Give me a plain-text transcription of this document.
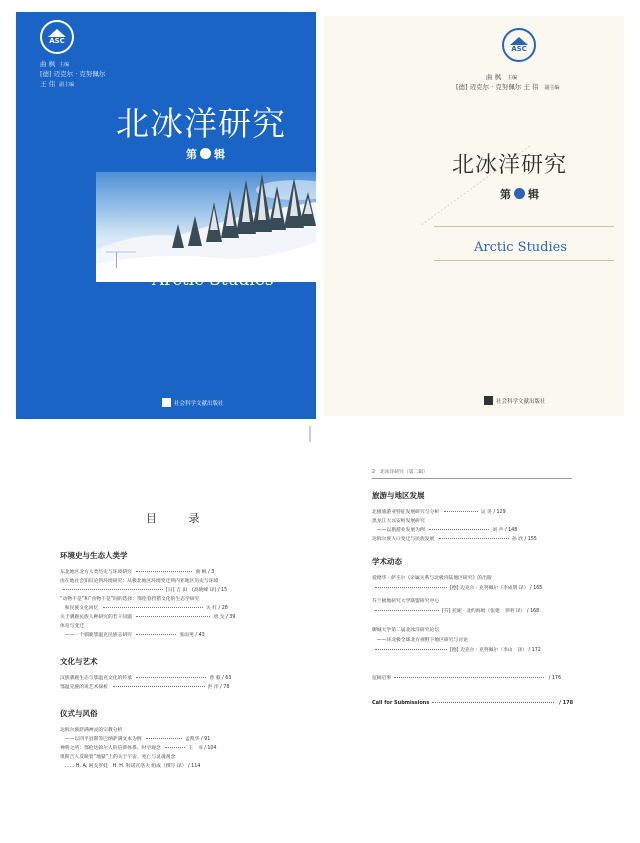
ASC
曲 枫 主编
[德] 迈克尔 · 克努佩尔
王 伟 副主编
北冰洋研究
第 辑
Arctic Studies
社会科学文献出版社
ASC
曲 枫 主编
[德] 迈克尔 · 克努佩尔 王 伟 副主编
北冰洋研究
第 辑
Arctic Studies
社会科学文献出版社
目 录
环境史与生态人类学
东北地区北方人类历史与环境研究	曲 枫 / 3
由在地社会知识论到环境研究：从极北地区环境变迁到内亚地区历史与环境
[日] 吉 田　(高晓峰 译) / 15
“动物不是”和“食物不是”间的选择：鄂伦春狩猎文化的生态学研究
　和民族文化回忆	关 红 / 28
关于驯鹿民族人种研究的若干问题	唐 戈 / 39
体育与变迁
　——一个驯鹿鄂温克民族志研究	张雨男 / 43
文化与艺术
汉族驯鹿生态与鄂温克文化的传承	曾 毅 / 63
鄂温克族的说艺术探析	洪 洋 / 78
仪式与风俗
达斡尔族萨满神灵的宗教分析
　——以四平县斯等巴纳萨满文本为例	孟凯华 / 91
神明之所：鄂伦达斡尔人的信仰体系、时空观念	王　书 / 104
奥斯吉人反映着“地狱”上的关于宇宙、死亡与灵魂观念
　…… H. A. 阿戈罗娃　H. H. 科诺瓦洛夫 组成（撰写 译） / 114
2　北冰洋研究（第二辑）
旅游与地区发展
北极旅游业特征发展研究与分析	吴 炎 / 129
黑龙江大兴安岭发展研究
　——以旅游业发展为例	刘 声 / 148
达斡尔族人口变迁与民族发展	孙 欣 / 155
学术动态
爱德华 · 萨丕尔《亲属关系与北极内陆地区研究》的出版
[德] 迈克尔 · 克努佩尔（李成明 译） / 165
芬兰极地研究大学联盟研究中心
[芬] 托妮 · 北约海姆（张建　李明 译） / 168
聊城大学第二届北冰洋研究论坛
　——环北极全球北方视野下地区研究与讨论
[德] 迈克尔 · 克努佩尔（李山　译） / 172
征稿启事	/ 176
Call for Submissions	/ 178
